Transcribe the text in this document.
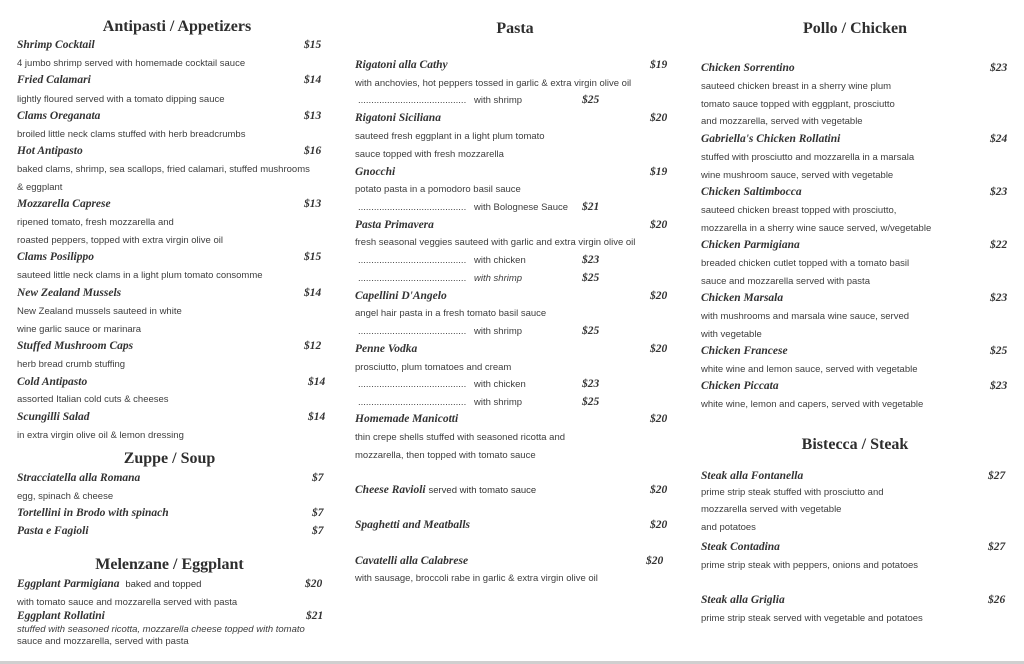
Antipasti / Appetizers
Shrimp Cocktail	$15
4 jumbo shrimp served with homemade cocktail sauce
Fried Calamari	$14
lightly floured served with a tomato dipping sauce
Clams Oreganata	$13
broiled little neck clams stuffed with herb breadcrumbs
Hot Antipasto	$16
baked clams, shrimp, sea scallops, fried calamari, stuffed mushrooms
& eggplant
Mozzarella Caprese	$13
ripened tomato, fresh mozzarella and
roasted peppers, topped with extra virgin olive oil
Clams Posilippo	$15
sauteed little neck clams in a light plum tomato consomme
New Zealand Mussels	$14
New Zealand mussels sauteed in white
wine garlic sauce or marinara
Stuffed Mushroom Caps	$12
herb bread crumb stuffing
Cold Antipasto	$14
assorted Italian cold cuts & cheeses
Scungilli Salad	$14
in extra virgin olive oil & lemon dressing
Zuppe / Soup
Stracciatella alla Romana	$7
egg, spinach & cheese
Tortellini in Brodo with spinach	$7
Pasta e Fagioli	$7
Melenzane / Eggplant
Eggplant Parmigiana baked and topped	$20
with tomato sauce and mozzarella served with pasta
Eggplant Rollatini	$21
stuffed with seasoned ricotta, mozzarella cheese topped with tomato
sauce and mozzarella, served with pasta
Pasta
Rigatoni alla Cathy	$19
with anchovies, hot peppers tossed in garlic & extra virgin olive oil
......................................... with shrimp	$25
Rigatoni Siciliana	$20
sauteed fresh eggplant in a light plum tomato
sauce topped with fresh mozzarella
Gnocchi	$19
potato pasta in a pomodoro basil sauce
......................................... with Bolognese Sauce $21
Pasta Primavera	$20
fresh seasonal veggies sauteed with garlic and extra virgin olive oil
......................................... with chicken	$23
......................................... with shrimp	$25
Capellini D'Angelo	$20
angel hair pasta in a fresh tomato basil sauce
......................................... with shrimp	$25
Penne Vodka	$20
prosciutto, plum tomatoes and cream
......................................... with chicken	$23
......................................... with shrimp	$25
Homemade Manicotti	$20
thin crepe shells stuffed with seasoned ricotta and
mozzarella, then topped with tomato sauce
Cheese Ravioli served with tomato sauce	$20
Spaghetti and Meatballs	$20
Cavatelli alla Calabrese	$20
with sausage, broccoli rabe in garlic & extra virgin olive oil
Pollo / Chicken
Chicken Sorrentino	$23
sauteed chicken breast in a sherry wine plum
tomato sauce topped with eggplant, prosciutto
and mozzarella, served with vegetable
Gabriella's Chicken Rollatini	$24
stuffed with prosciutto and mozzarella in a marsala
wine mushroom sauce, served with vegetable
Chicken Saltimbocca	$23
sauteed chicken breast topped with prosciutto,
mozzarella in a sherry wine sauce served, w/vegetable
Chicken Parmigiana	$22
breaded chicken cutlet topped with a tomato basil
sauce and mozzarella served with pasta
Chicken Marsala	$23
with mushrooms and marsala wine sauce, served
with vegetable
Chicken Francese	$25
white wine and lemon sauce, served with vegetable
Chicken Piccata	$23
white wine, lemon and capers, served with vegetable
Bistecca / Steak
Steak alla Fontanella	$27
prime strip steak stuffed with prosciutto and
mozzarella served with vegetable
and potatoes
Steak Contadina	$27
prime strip steak with peppers, onions and potatoes
Steak alla Griglia	$26
prime strip steak served with vegetable and potatoes
